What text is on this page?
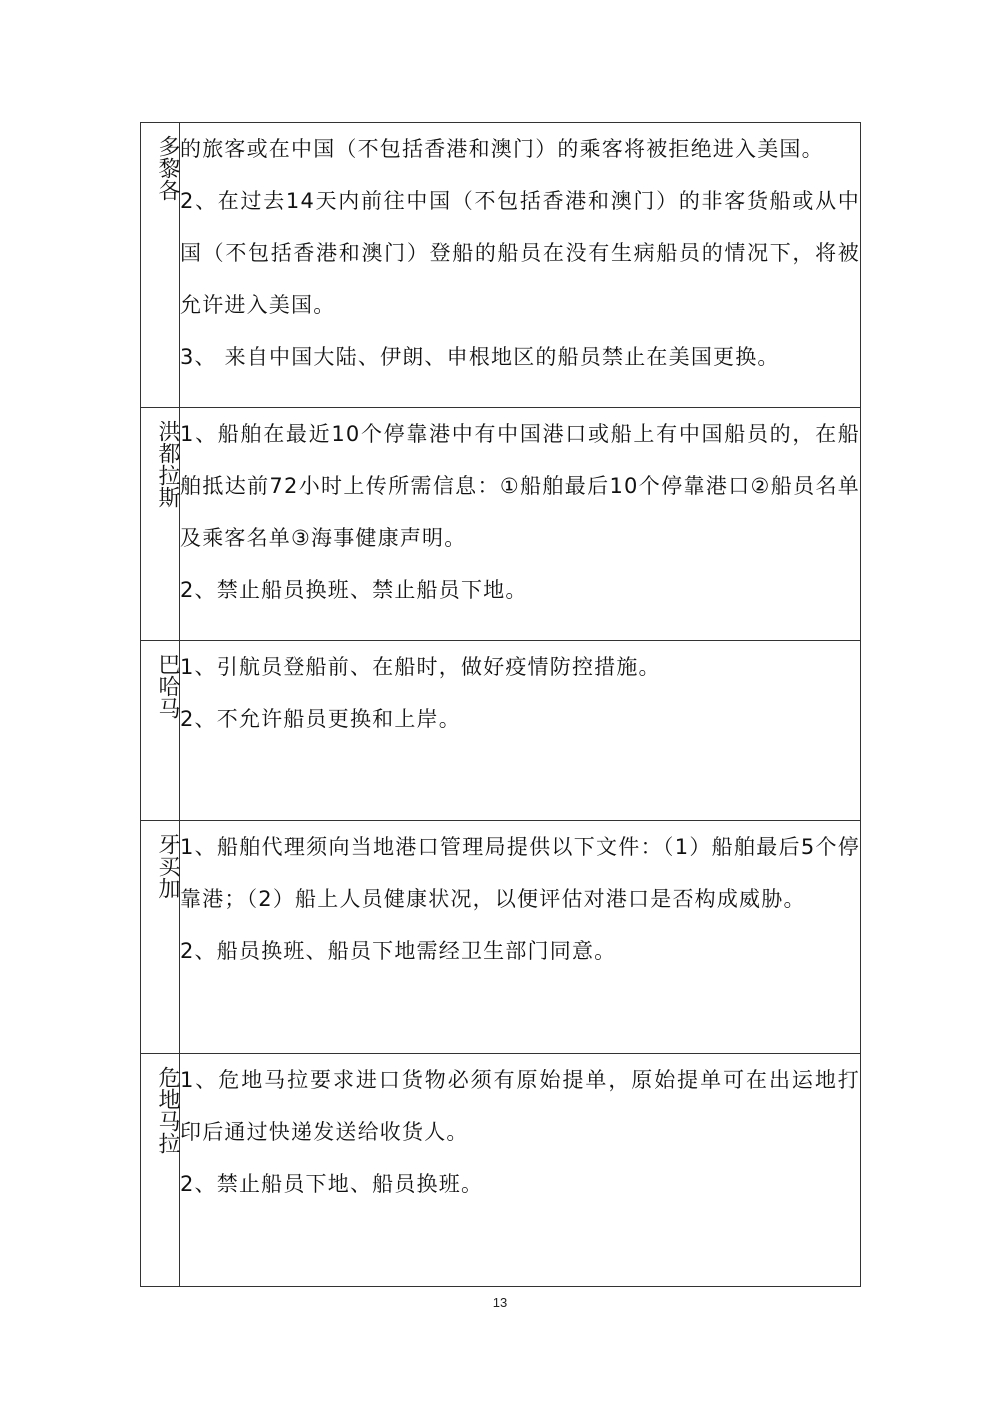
多黎各	的旅客或在中国（不包括香港和澳门）的乘客将被拒绝进入美国。
2、在过去14天内前往中国（不包括香港和澳门）的非客货船或从中国（不包括香港和澳门）登船的船员在没有生病船员的情况下，将被允许进入美国。
3、 来自中国大陆、伊朗、申根地区的船员禁止在美国更换。

洪都拉斯	1、船舶在最近10个停靠港中有中国港口或船上有中国船员的，在船舶抵达前72小时上传所需信息：①船舶最后10个停靠港口②船员名单及乘客名单③海事健康声明。
2、禁止船员换班、禁止船员下地。

巴哈马	1、引航员登船前、在船时，做好疫情防控措施。
2、不允许船员更换和上岸。

牙买加	1、船舶代理须向当地港口管理局提供以下文件：（1）船舶最后5个停靠港；（2）船上人员健康状况，以便评估对港口是否构成威胁。
2、船员换班、船员下地需经卫生部门同意。

危地马拉	1、危地马拉要求进口货物必须有原始提单，原始提单可在出运地打印后通过快递发送给收货人。
2、禁止船员下地、船员换班。
13
